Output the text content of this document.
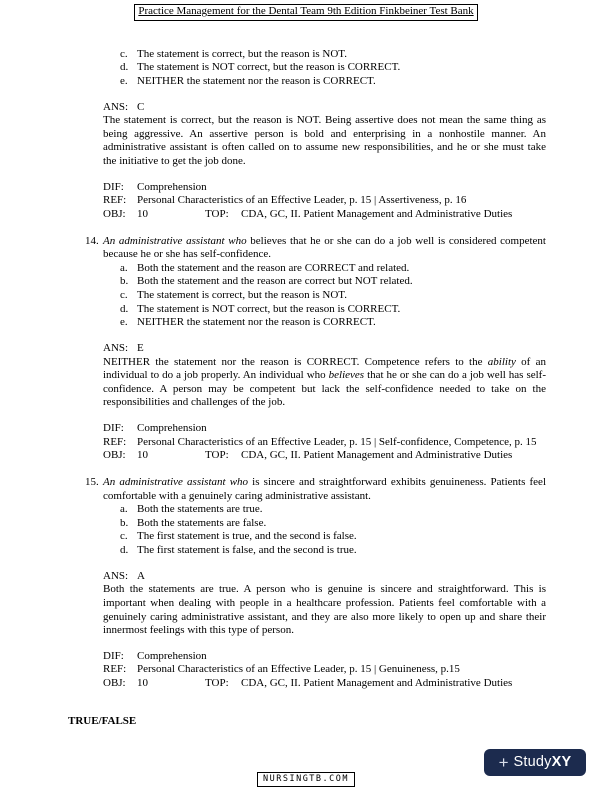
Practice Management for the Dental Team 9th Edition Finkbeiner Test Bank
c. The statement is correct, but the reason is NOT.
d. The statement is NOT correct, but the reason is CORRECT.
e. NEITHER the statement nor the reason is CORRECT.
ANS: C

The statement is correct, but the reason is NOT. Being assertive does not mean the same thing as being aggressive. An assertive person is bold and enterprising in a nonhostile manner. An administrative assistant is often called on to assume new responsibilities, and he or she must take the initiative to get the job done.

DIF: Comprehension
REF: Personal Characteristics of an Effective Leader, p. 15 | Assertiveness, p. 16
OBJ: 10	TOP: CDA, GC, II. Patient Management and Administrative Duties
14. An administrative assistant who believes that he or she can do a job well is considered competent because he or she has self-confidence.
a. Both the statement and the reason are CORRECT and related.
b. Both the statement and the reason are correct but NOT related.
c. The statement is correct, but the reason is NOT.
d. The statement is NOT correct, but the reason is CORRECT.
e. NEITHER the statement nor the reason is CORRECT.
ANS: E

NEITHER the statement nor the reason is CORRECT. Competence refers to the ability of an individual to do a job properly. An individual who believes that he or she can do a job well has self-confidence. A person may be competent but lack the self-confidence needed to take on the responsibilities and challenges of the job.

DIF: Comprehension
REF: Personal Characteristics of an Effective Leader, p. 15 | Self-confidence, Competence, p. 15
OBJ: 10	TOP: CDA, GC, II. Patient Management and Administrative Duties
15. An administrative assistant who is sincere and straightforward exhibits genuineness. Patients feel comfortable with a genuinely caring administrative assistant.
a. Both the statements are true.
b. Both the statements are false.
c. The first statement is true, and the second is false.
d. The first statement is false, and the second is true.
ANS: A

Both the statements are true. A person who is genuine is sincere and straightforward. This is important when dealing with people in a healthcare profession. Patients feel comfortable with a genuinely caring administrative assistant, and they are also more likely to open up and share their innermost feelings with this type of person.

DIF: Comprehension
REF: Personal Characteristics of an Effective Leader, p. 15 | Genuineness, p.15
OBJ: 10	TOP: CDA, GC, II. Patient Management and Administrative Duties
TRUE/FALSE
+ StudyXY
NURSINGTB.COM
